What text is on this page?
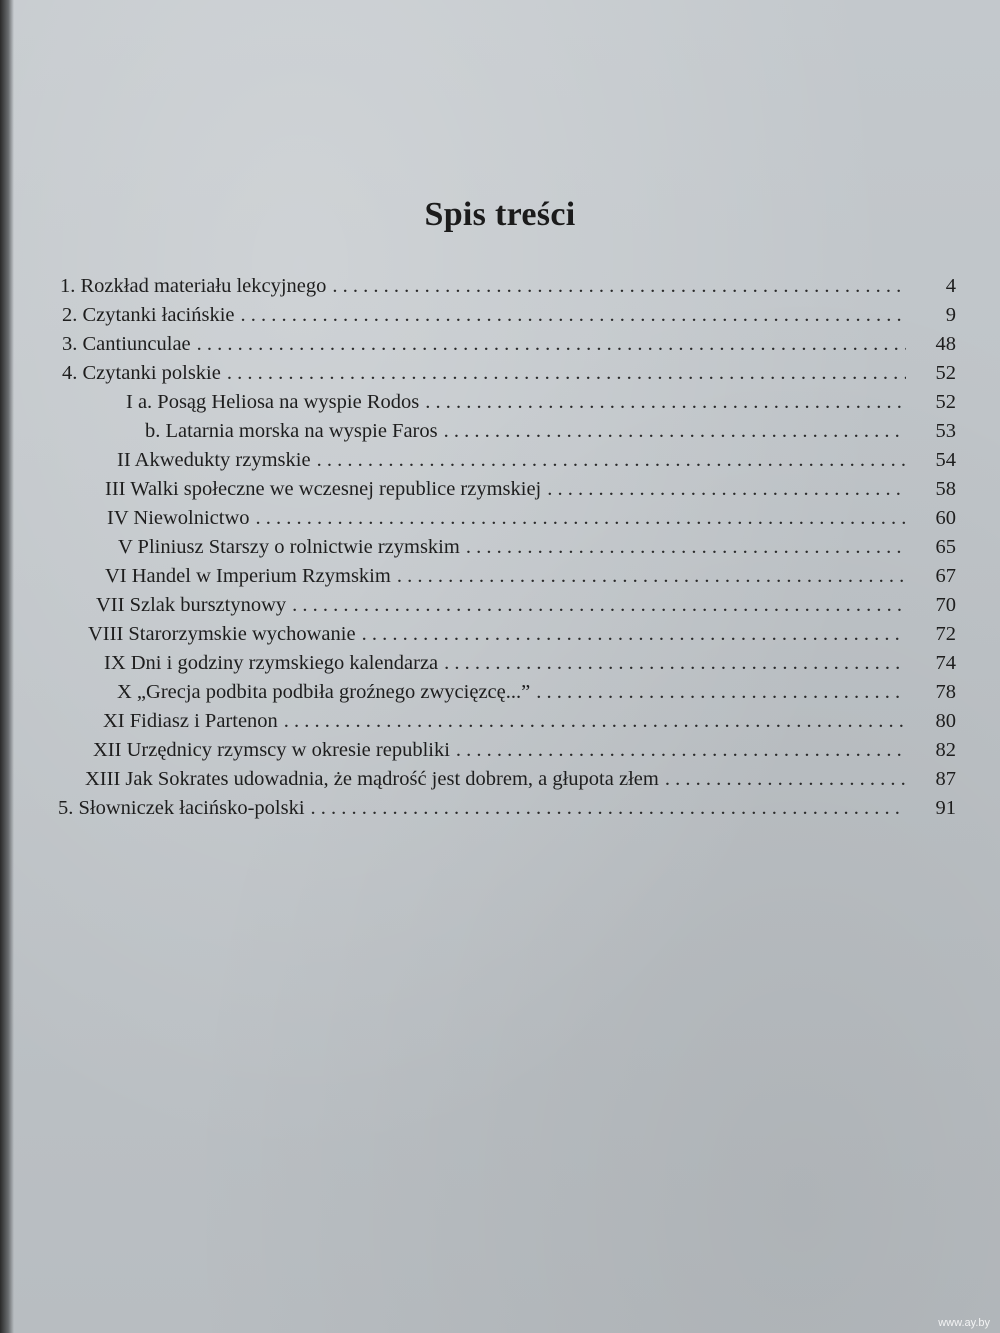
Spis treści
1. Rozkład materiału lekcyjnego . . .	4
2. Czytanki łacińskie . . .	9
3. Cantiunculae . . .	48
4. Czytanki polskie . . .	52
I a. Posąg Heliosa na wyspie Rodos . . .	52
b. Latarnia morska na wyspie Faros . . .	53
II Akwedukty rzymskie . . .	54
III Walki społeczne we wczesnej republice rzymskiej . . .	58
IV Niewolnictwo . . .	60
V Pliniusz Starszy o rolnictwie rzymskim . . .	65
VI Handel w Imperium Rzymskim . . .	67
VII Szlak bursztynowy . . .	70
VIII Starorzymskie wychowanie . . .	72
IX Dni i godziny rzymskiego kalendarza . . .	74
X „Grecja podbita podbiła groźnego zwycięzcę...” . . .	78
XI Fidiasz i Partenon . . .	80
XII Urzędnicy rzymscy w okresie republiki . . .	82
XIII Jak Sokrates udowadnia, że mądrość jest dobrem, a głupota złem . . .	87
5. Słowniczek łacińsko-polski . . .	91
www.ay.by
